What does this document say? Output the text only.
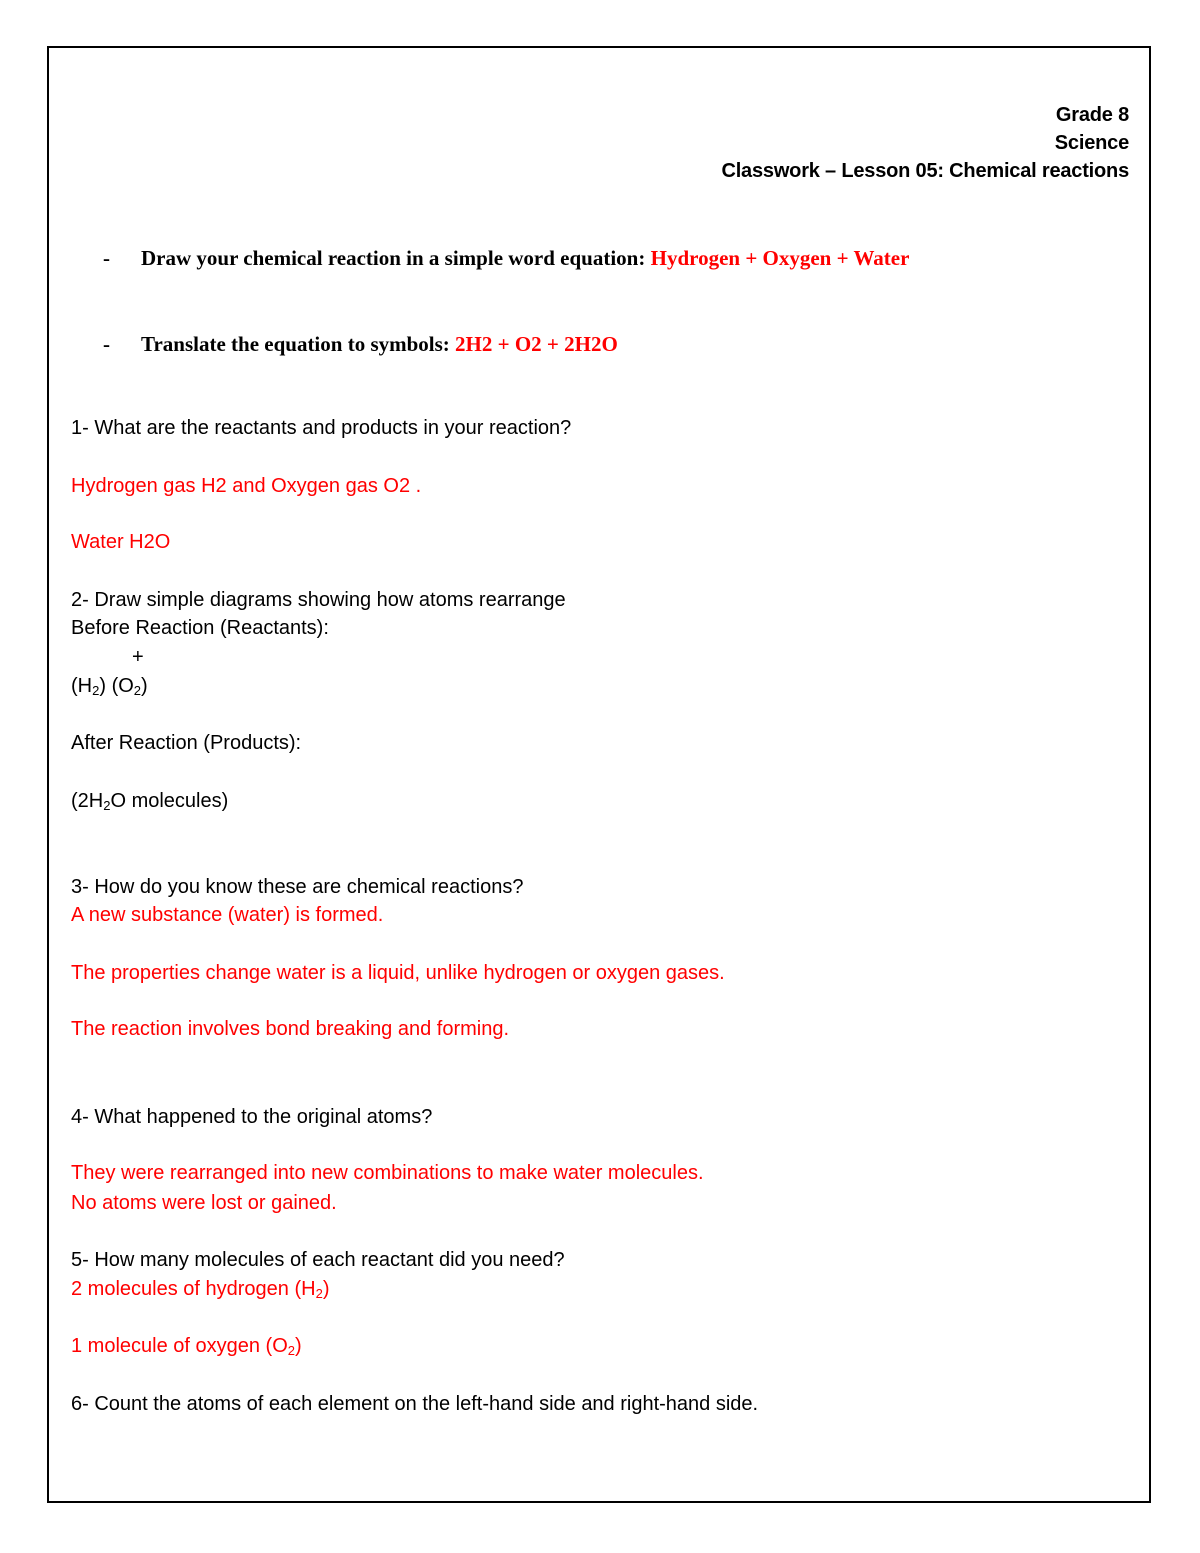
Grade 8
Science
Classwork – Lesson 05: Chemical reactions
- Draw your chemical reaction in a simple word equation: Hydrogen + Oxygen + Water
- Translate the equation to symbols: 2H2 + O2 + 2H2O
1- What are the reactants and products in your reaction?
Hydrogen gas H2 and Oxygen gas O2 .
Water H2O
2- Draw simple diagrams showing how atoms rearrange
Before Reaction (Reactants):
+
$(H_2)$ $(O_2)$
After Reaction (Products):
($2H_2O$ molecules)
3- How do you know these are chemical reactions?
A new substance (water) is formed.
The properties change water is a liquid, unlike hydrogen or oxygen gases.
The reaction involves bond breaking and forming.
4- What happened to the original atoms?
They were rearranged into new combinations to make water molecules.
No atoms were lost or gained.
5- How many molecules of each reactant did you need?
2 molecules of hydrogen $(H_2)$
1 molecule of oxygen $(O_2)$
6- Count the atoms of each element on the left-hand side and right-hand side.
